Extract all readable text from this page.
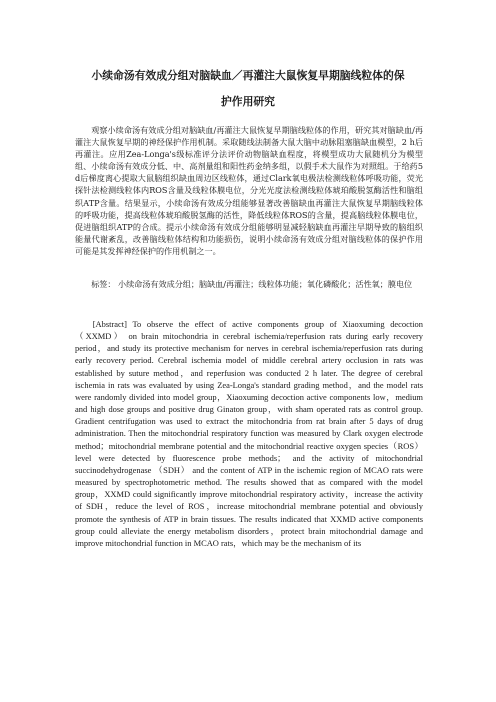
小续命汤有效成分组对脑缺血／再灌注大鼠恢复早期脑线粒体的保
护作用研究

观察小续命汤有效成分组对脑缺血/再灌注大鼠恢复早期脑线粒体的作用，研究其对脑缺血/再灌注大鼠恢复早期的神经保护作用机制。采取随线法制备大鼠大脑中动脉阻塞脑缺血模型，2 h后再灌注。应用Zea-Longa's级标准评分法评价动物脑缺血程度，将模型成功大鼠随机分为模型组、小续命汤有效成分低、中、高剂量组和阳性药金纳多组，以假手术大鼠作为对照组。于给药5 d后梯度离心提取大鼠脑组织缺血周边区线粒体，通过Clark氧电极法检测线粒体呼吸功能，荧光探针法检测线粒体内ROS含量及线粒体膜电位，分光光度法检测线粒体琥珀酸脱氢酶活性和脑组织ATP含量。结果显示，小续命汤有效成分组能够显著改善脑缺血再灌注大鼠恢复早期脑线粒体的呼吸功能，提高线粒体琥珀酸脱氢酶的活性，降低线粒体ROS的含量，提高脑线粒体膜电位，促进脑组织ATP的合成。提示小续命汤有效成分组能够明显减轻脑缺血再灌注早期导致的脑组织能量代谢紊乱，改善脑线粒体结构和功能损伤，说明小续命汤有效成分组对脑线粒体的保护作用可能是其发挥神经保护的作用机制之一。

标签： 小续命汤有效成分组；脑缺血/再灌注；线粒体功能；氧化磷酸化；活性氧；膜电位

[Abstract] To observe the effect of active components group of Xiaoxuming decoction （XXMD） on brain mitochondria in cerebral ischemia/reperfusion rats during early recovery period，and study its protective mechanism for nerves in cerebral ischemia/reperfusion rats during early recovery period. Cerebral ischemia model of middle cerebral artery occlusion in rats was established by suture method，and reperfusion was conducted 2 h later. The degree of cerebral ischemia in rats was evaluated by using Zea-Longa's standard grading method，and the model rats were randomly divided into model group，Xiaoxuming decoction active components low，medium and high dose groups and positive drug Ginaton group，with sham operated rats as control group. Gradient centrifugation was used to extract the mitochondria from rat brain after 5 days of drug administration. Then the mitochondrial respiratory function was measured by Clark oxygen electrode method；mitochondrial membrane potential and the mitochondrial reactive oxygen species（ROS） level were detected by fluorescence probe methods； and the activity of mitochondrial succinodehydrogenase （SDH） and the content of ATP in the ischemic region of MCAO rats were measured by spectrophotometric method. The results showed that as compared with the model group，XXMD could significantly improve mitochondrial respiratory activity，increase the activity of SDH，reduce the level of ROS，increase mitochondrial membrane potential and obviously promote the synthesis of ATP in brain tissues. The results indicated that XXMD active components group could alleviate the energy metabolism disorders，protect brain mitochondrial damage and improve mitochondrial function in MCAO rats，which may be the mechanism of its
